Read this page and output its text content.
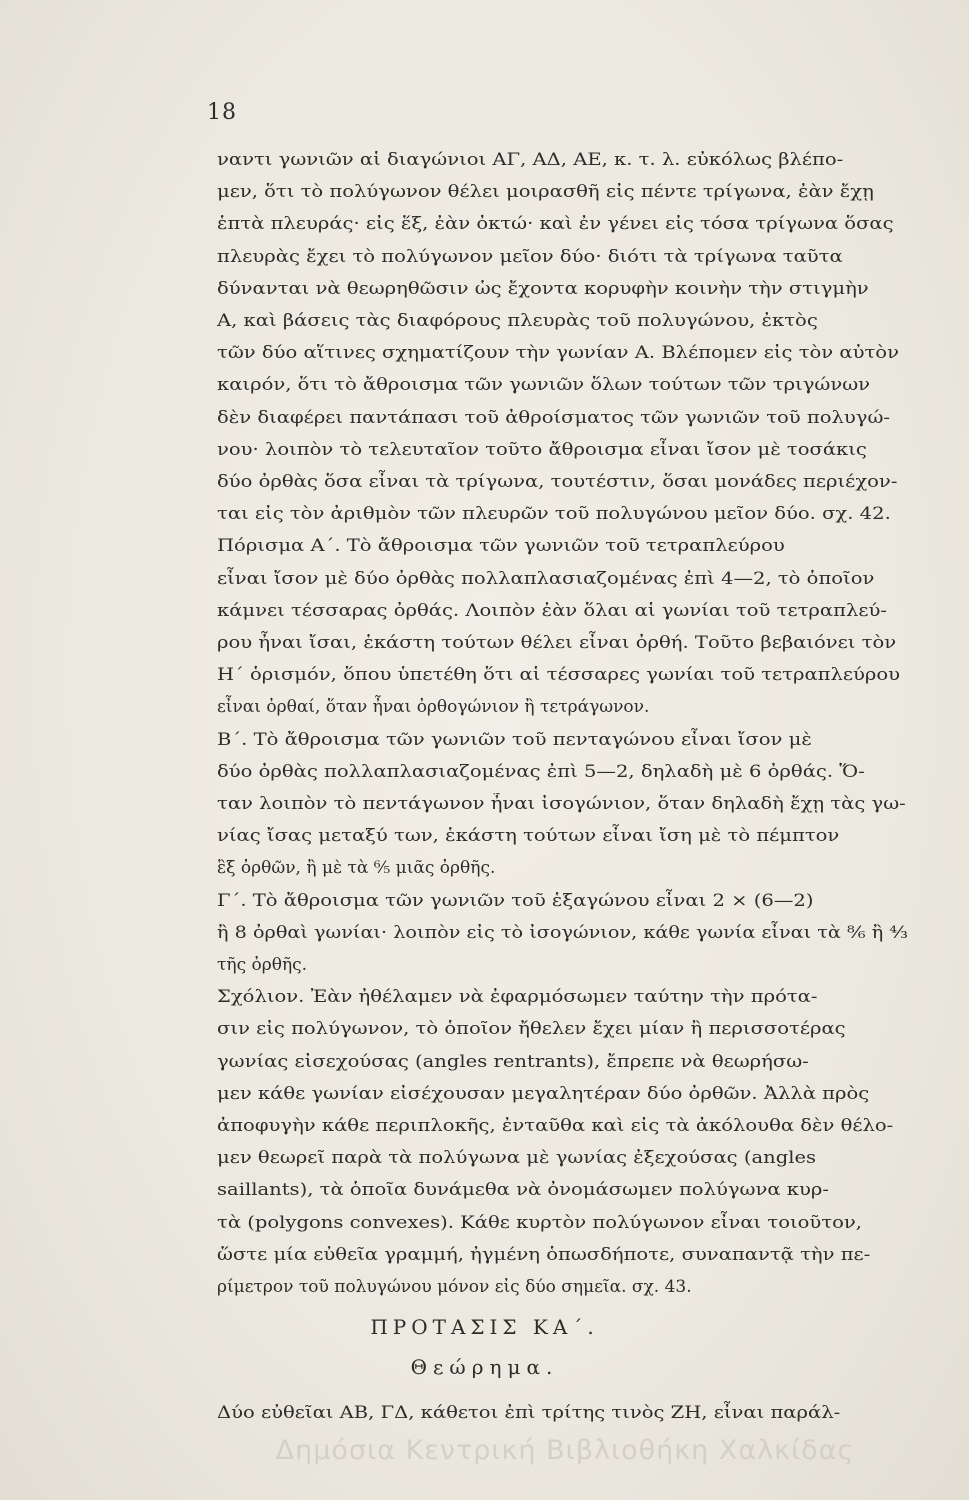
18
ναντι γωνιῶν αἱ διαγώνιοι ΑΓ, ΑΔ, ΑΕ, κ. τ. λ. εὐκόλως βλέπο-
μεν, ὅτι τὸ πολύγωνον θέλει μοιρασθῆ εἰς πέντε τρίγωνα, ἐὰν ἔχῃ
ἑπτὰ πλευράς· εἰς ἕξ, ἐὰν ὀκτώ· καὶ ἐν γένει εἰς τόσα τρίγωνα ὅσας
πλευρὰς ἔχει τὸ πολύγωνον μεῖον δύο· διότι τὰ τρίγωνα ταῦτα
δύνανται νὰ θεωρηθῶσιν ὡς ἔχοντα κορυφὴν κοινὴν τὴν στιγμὴν
Α, καὶ βάσεις τὰς διαφόρους πλευρὰς τοῦ πολυγώνου, ἐκτὸς
τῶν δύο αἵτινες σχηματίζουν τὴν γωνίαν Α. Βλέπομεν εἰς τὸν αὐτὸν
καιρόν, ὅτι τὸ ἄθροισμα τῶν γωνιῶν ὅλων τούτων τῶν τριγώνων
δὲν διαφέρει παντάπασι τοῦ ἀθροίσματος τῶν γωνιῶν τοῦ πολυγώ-
νου· λοιπὸν τὸ τελευταῖον τοῦτο ἄθροισμα εἶναι ἴσον μὲ τοσάκις
δύο ὀρθὰς ὅσα εἶναι τὰ τρίγωνα, τουτέστιν, ὅσαι μονάδες περιέχον-
ται εἰς τὸν ἀριθμὸν τῶν πλευρῶν τοῦ πολυγώνου μεῖον δύο. σχ. 42.
Πόρισμα Α΄. Τὸ ἄθροισμα τῶν γωνιῶν τοῦ τετραπλεύρου
εἶναι ἴσον μὲ δύο ὀρθὰς πολλαπλασιαζομένας ἐπὶ 4—2, τὸ ὁποῖον
κάμνει τέσσαρας ὀρθάς. Λοιπὸν ἐὰν ὅλαι αἱ γωνίαι τοῦ τετραπλεύ-
ρου ἦναι ἴσαι, ἑκάστη τούτων θέλει εἶναι ὀρθή. Τοῦτο βεβαιόνει τὸν
Η΄ ὁρισμόν, ὅπου ὑπετέθη ὅτι αἱ τέσσαρες γωνίαι τοῦ τετραπλεύρου
εἶναι ὀρθαί, ὅταν ἦναι ὀρθογώνιον ἢ τετράγωνον.
Β΄. Τὸ ἄθροισμα τῶν γωνιῶν τοῦ πενταγώνου εἶναι ἴσον μὲ
δύο ὀρθὰς πολλαπλασιαζομένας ἐπὶ 5—2, δηλαδὴ μὲ 6 ὀρθάς. Ὅ-
ταν λοιπὸν τὸ πεντάγωνον ἦναι ἰσογώνιον, ὅταν δηλαδὴ ἔχῃ τὰς γω-
νίας ἴσας μεταξύ των, ἑκάστη τούτων εἶναι ἴση μὲ τὸ πέμπτον
ἓξ ὀρθῶν, ἢ μὲ τὰ ⁶⁄₅ μιᾶς ὀρθῆς.
Γ΄. Τὸ ἄθροισμα τῶν γωνιῶν τοῦ ἑξαγώνου εἶναι 2 × (6—2)
ἢ 8 ὀρθαὶ γωνίαι· λοιπὸν εἰς τὸ ἰσογώνιον, κάθε γωνία εἶναι τὰ ⁸⁄₆ ἢ ⁴⁄₃
τῆς ὀρθῆς.
Σχόλιον. Ἐὰν ἠθέλαμεν νὰ ἐφαρμόσωμεν ταύτην τὴν πρότα-
σιν εἰς πολύγωνον, τὸ ὁποῖον ἤθελεν ἔχει μίαν ἢ περισσοτέρας
γωνίας εἰσεχούσας (angles rentrants), ἔπρεπε νὰ θεωρήσω-
μεν κάθε γωνίαν εἰσέχουσαν μεγαλητέραν δύο ὀρθῶν. Ἀλλὰ πρὸς
ἀποφυγὴν κάθε περιπλοκῆς, ἐνταῦθα καὶ εἰς τὰ ἀκόλουθα δὲν θέλο-
μεν θεωρεῖ παρὰ τὰ πολύγωνα μὲ γωνίας ἐξεχούσας (angles
saillants), τὰ ὁποῖα δυνάμεθα νὰ ὀνομάσωμεν πολύγωνα κυρ-
τὰ (polygons convexes). Κάθε κυρτὸν πολύγωνον εἶναι τοιοῦτον,
ὥστε μία εὐθεῖα γραμμή, ἠγμένη ὁπωσδήποτε, συναπαντᾷ τὴν πε-
ρίμετρον τοῦ πολυγώνου μόνον εἰς δύο σημεῖα. σχ. 43.
ΠΡΟΤΑΣΙΣ ΚΑ΄.
Θεώρημα.
Δύο εὐθεῖαι ΑΒ, ΓΔ, κάθετοι ἐπὶ τρίτης τινὸς ΖΗ, εἶναι παράλ-
Δημόσια Κεντρική Βιβλιοθήκη Χαλκίδας
